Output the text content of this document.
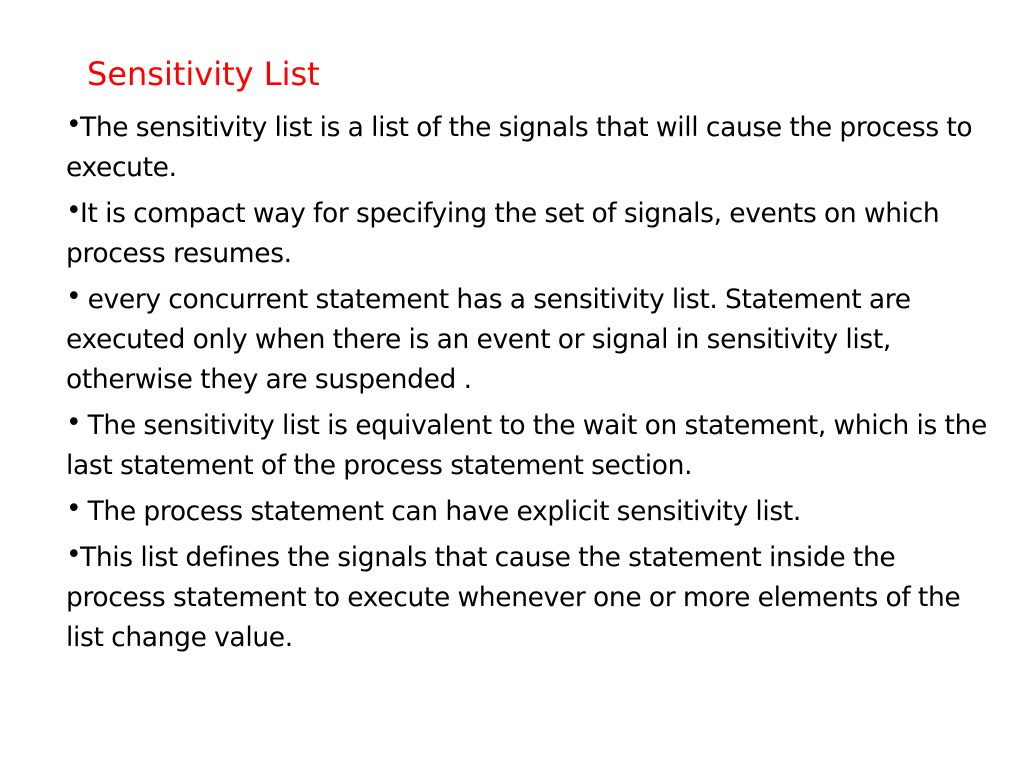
Sensitivity List
•The sensitivity list is a list of the signals that will cause the process to execute.
•It is compact way for specifying the set of signals, events on which process resumes.
• every concurrent statement has a sensitivity list. Statement are executed only when there is an event or signal in sensitivity list, otherwise they are suspended .
• The sensitivity list is equivalent to the wait on statement, which is the last statement of the process statement section.
• The process statement can have explicit sensitivity list.
•This list defines the signals that cause the statement inside the process statement to execute whenever one or more elements of the list change value.
